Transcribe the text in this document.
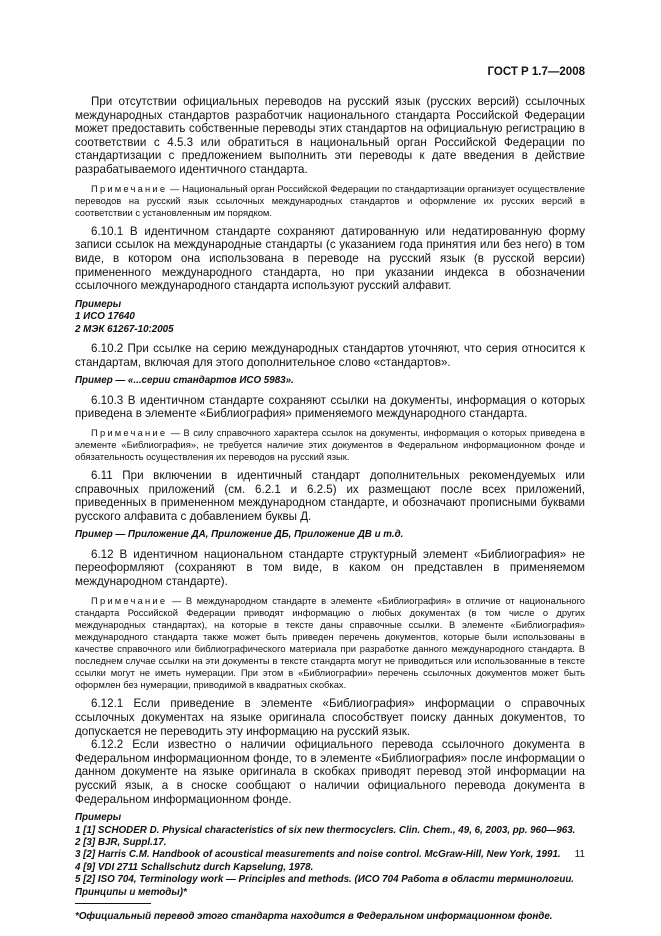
ГОСТ Р 1.7—2008

При отсутствии официальных переводов на русский язык (русских версий) ссылочных международных стандартов разработчик национального стандарта Российской Федерации может предоставить собственные переводы этих стандартов на официальную регистрацию в соответствии с 4.5.3 или обратиться в национальный орган Российской Федерации по стандартизации с предложением выполнить эти переводы к дате введения в действие разрабатываемого идентичного стандарта.

Примечание — Национальный орган Российской Федерации по стандартизации организует осуществление переводов на русский язык ссылочных международных стандартов и оформление их русских версий в соответствии с установленным им порядком.

6.10.1 В идентичном стандарте сохраняют датированную или недатированную форму записи ссылок на международные стандарты (с указанием года принятия или без него) в том виде, в котором она использована в переводе на русский язык (в русской версии) примененного международного стандарта, но при указании индекса в обозначении ссылочного международного стандарта используют русский алфавит.

Примеры

1 ИСО 17640

2 МЭК 61267-10:2005

6.10.2 При ссылке на серию международных стандартов уточняют, что серия относится к стандартам, включая для этого дополнительное слово «стандартов».

Пример — «...серии стандартов ИСО 5983».

6.10.3 В идентичном стандарте сохраняют ссылки на документы, информация о которых приведена в элементе «Библиография» применяемого международного стандарта.

Примечание — В силу справочного характера ссылок на документы, информация о которых приведена в элементе «Библиография», не требуется наличие этих документов в Федеральном информационном фонде и обязательность осуществления их переводов на русский язык.

6.11 При включении в идентичный стандарт дополнительных рекомендуемых или справочных приложений (см. 6.2.1 и 6.2.5) их размещают после всех приложений, приведенных в примененном международном стандарте, и обозначают прописными буквами русского алфавита с добавлением буквы Д.

Пример — Приложение ДА, Приложение ДБ, Приложение ДВ и т.д.

6.12 В идентичном национальном стандарте структурный элемент «Библиография» не переоформляют (сохраняют в том виде, в каком он представлен в применяемом международном стандарте).

Примечание — В международном стандарте в элементе «Библиография» в отличие от национального стандарта Российской Федерации приводят информацию о любых документах (в том числе о других международных стандартах), на которые в тексте даны справочные ссылки. В элементе «Библиография» международного стандарта также может быть приведен перечень документов, которые были использованы в качестве справочного или библиографического материала при разработке данного международного стандарта. В последнем случае ссылки на эти документы в тексте стандарта могут не приводиться или использованные в тексте ссылки могут не иметь нумерации. При этом в «Библиографии» перечень ссылочных документов может быть оформлен без нумерации, приводимой в квадратных скобках.

6.12.1 Если приведение в элементе «Библиография» информации о справочных ссылочных документах на языке оригинала способствует поиску данных документов, то допускается не переводить эту информацию на русский язык.

6.12.2 Если известно о наличии официального перевода ссылочного документа в Федеральном информационном фонде, то в элементе «Библиография» после информации о данном документе на языке оригинала в скобках приводят перевод этой информации на русский язык, а в сноске сообщают о наличии официального перевода документа в Федеральном информационном фонде.

Примеры

1 [1] SCHODER D. Physical characteristics of six new thermocyclers. Clin. Chem., 49, 6, 2003, pp. 960—963.

2 [3] BJR, Suppl.17.

3 [2] Harris C.M. Handbook of acoustical measurements and noise control. McGraw-Hill, New York, 1991.

4 [9] VDI 2711 Schallschutz durch Kapselung, 1978.

5 [2] ISO 704, Terminology work — Principles and methods. (ИСО 704 Работа в области терминологии. Принципы и методы)*

*Официальный перевод этого стандарта находится в Федеральном информационном фонде.

11
